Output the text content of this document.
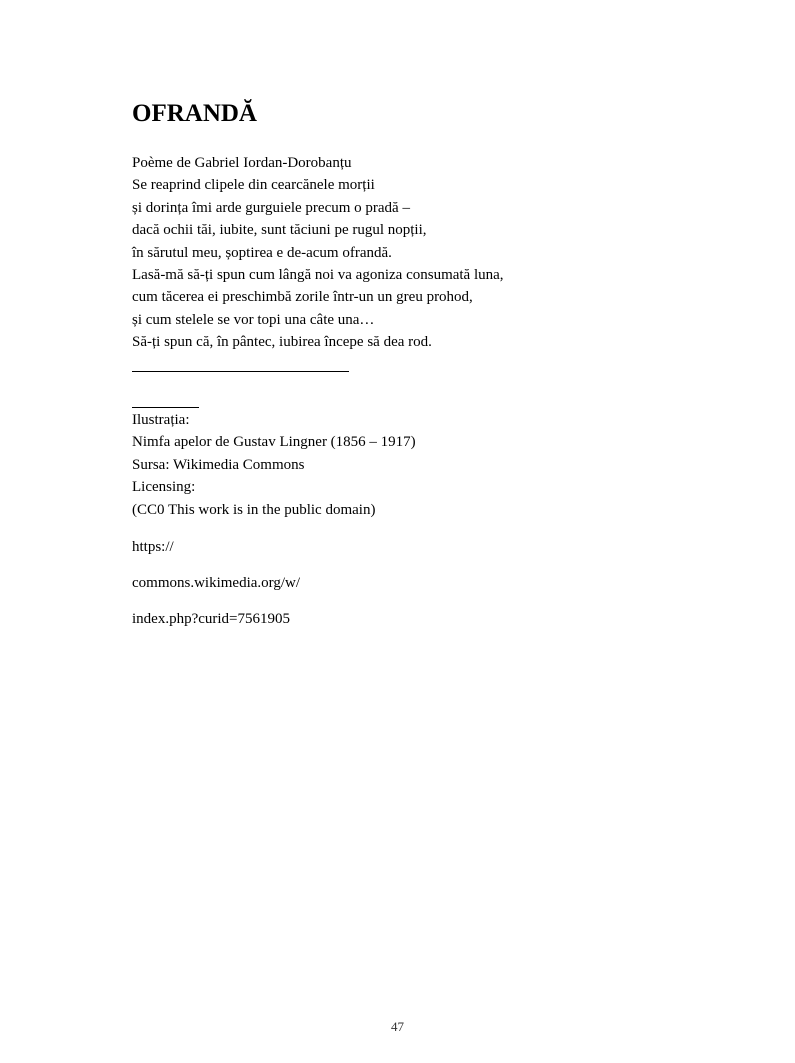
OFRANDĂ
Poème de Gabriel Iordan-Dorobanțu
Se reaprind clipele din cearcănele morții
și dorința îmi arde gurguiele precum o pradă –
dacă ochii tăi, iubite, sunt tăciuni pe rugul nopții,
în sărutul meu, șoptirea e de-acum ofrandă.
Lasă-mă să-ți spun cum lângă noi va agoniza consumată luna,
cum tăcerea ei preschimbă zorile într-un un greu prohod,
și cum stelele se vor topi una câte una…
Să-ți spun că, în pântec, iubirea începe să dea rod.
Ilustrația:
Nimfa apelor de Gustav Lingner (1856 – 1917)
Sursa: Wikimedia Commons
Licensing:
(CC0 This work is in the public domain)
https://
commons.wikimedia.org/w/
index.php?curid=7561905
47
